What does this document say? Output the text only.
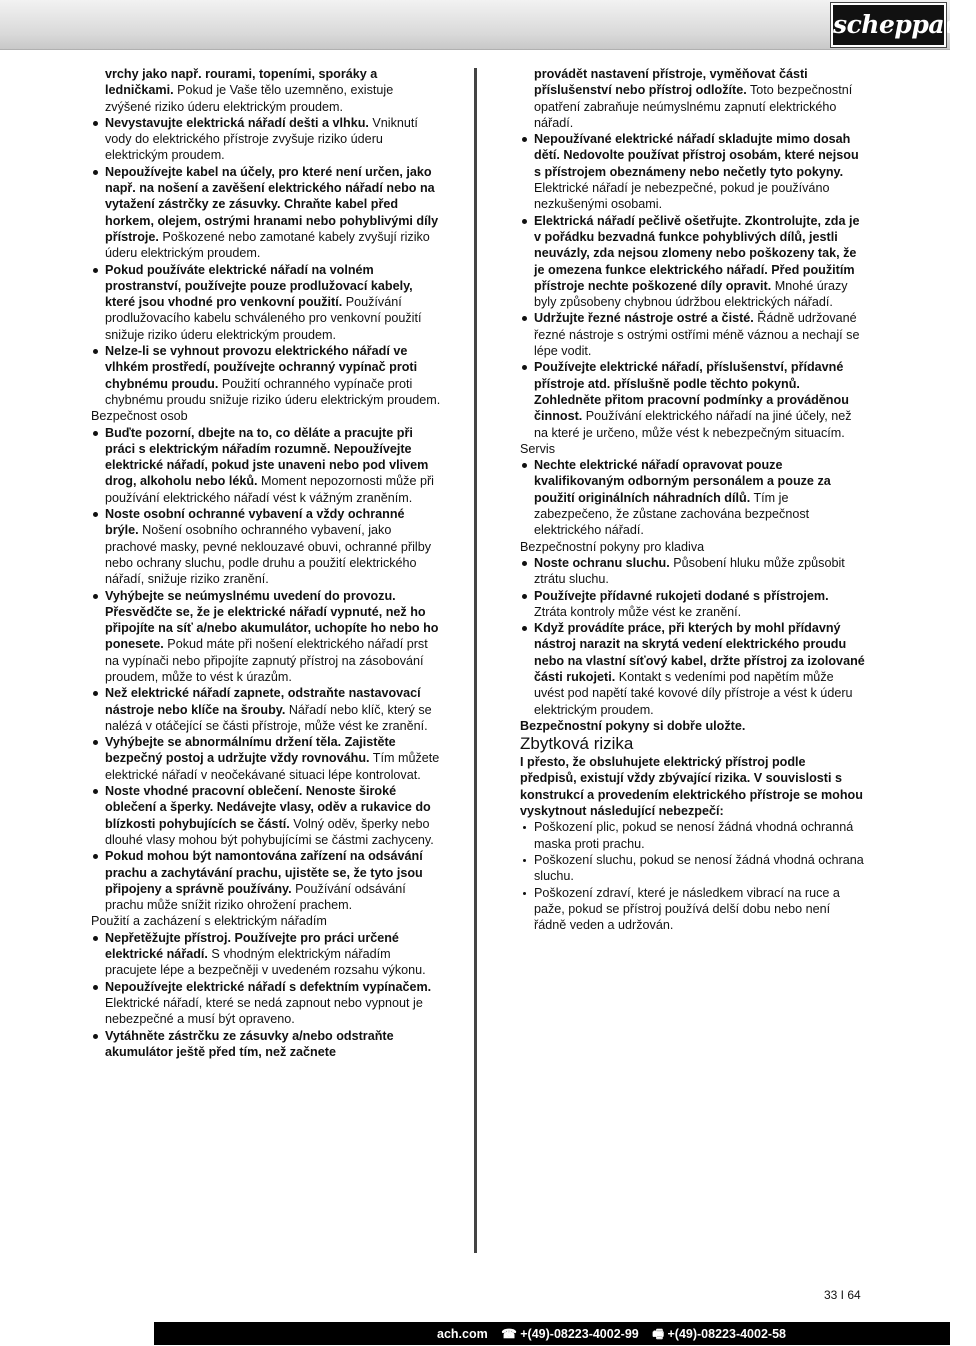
scheppach

vrchy jako např. rourami, topeními, sporáky a ledničkami. Pokud je Vaše tělo uzemněno, existuje zvýšené riziko úderu elektrickým proudem.

Nevystavujte elektrická nářadí dešti a vlhku. Vniknutí vody do elektrického přístroje zvyšuje riziko úderu elektrickým proudem.
Nepoužívejte kabel na účely, pro které není určen, jako např. na nošení a zavěšení elektrického nářadí nebo na vytažení zástrčky ze zásuvky. Chraňte kabel před horkem, olejem, ostrými hranami nebo pohyblivými díly přístroje. Poškozené nebo zamotané kabely zvyšují riziko úderu elektrickým proudem.
Pokud používáte elektrické nářadí na volném prostranství, používejte pouze prodlužovací kabely, které jsou vhodné pro venkovní použití. Používání prodlužovacího kabelu schváleného pro venkovní použití snižuje riziko úderu elektrickým proudem.
Nelze-li se vyhnout provozu elektrického nářadí ve vlhkém prostředí, používejte ochranný vypínač proti chybnému proudu. Použití ochranného vypínače proti chybnému proudu snižuje riziko úderu elektrickým proudem.

Bezpečnost osob

Buďte pozorní, dbejte na to, co děláte a pracujte při práci s elektrickým nářadím rozumně. Nepoužívejte elektrické nářadí, pokud jste unaveni nebo pod vlivem drog, alkoholu nebo léků. Moment nepozornosti může při používání elektrického nářadí vést k vážným zraněním.
Noste osobní ochranné vybavení a vždy ochranné brýle. Nošení osobního ochranného vybavení, jako prachové masky, pevné neklouzavé obuvi, ochranné přilby nebo ochrany sluchu, podle druhu a použití elektrického nářadí, snižuje riziko zranění.
Vyhýbejte se neúmyslnému uvedení do provozu. Přesvědčte se, že je elektrické nářadí vypnuté, než ho připojíte na síť a/nebo akumulátor, uchopíte ho nebo ho ponesete. Pokud máte při nošení elektrického nářadí prst na vypínači nebo připojíte zapnutý přístroj na zásobování proudem, může to vést k úrazům.
Než elektrické nářadí zapnete, odstraňte nastavovací nástroje nebo klíče na šrouby. Nářadí nebo klíč, který se nalézá v otáčející se části přístroje, může vést ke zranění.
Vyhýbejte se abnormálnímu držení těla. Zajistěte bezpečný postoj a udržujte vždy rovnováhu. Tím můžete elektrické nářadí v neočekávané situaci lépe kontrolovat.
Noste vhodné pracovní oblečení. Nenoste široké oblečení a šperky. Nedávejte vlasy, oděv a rukavice do blízkosti pohybujících se částí. Volný oděv, šperky nebo dlouhé vlasy mohou být pohybujícími se částmi zachyceny.
Pokud mohou být namontována zařízení na odsávání prachu a zachytávání prachu, ujistěte se, že tyto jsou připojeny a správně používány. Používání odsávání prachu může snížit riziko ohrožení prachem.

Použití a zacházení s elektrickým nářadím

Nepřetěžujte přístroj. Používejte pro práci určené elektrické nářadí. S vhodným elektrickým nářadím pracujete lépe a bezpečněji v uvedeném rozsahu výkonu.
Nepoužívejte elektrické nářadí s defektním vypínačem. Elektrické nářadí, které se nedá zapnout nebo vypnout je nebezpečné a musí být opraveno.
Vytáhněte zástrčku ze zásuvky a/nebo odstraňte akumulátor ještě před tím, než začnete

provádět nastavení přístroje, vyměňovat části příslušenství nebo přístroj odložíte. Toto bezpečnostní opatření zabraňuje neúmyslnému zapnutí elektrického nářadí.

Nepoužívané elektrické nářadí skladujte mimo dosah dětí. Nedovolte používat přístroj osobám, které nejsou s přístrojem obeznámeny nebo nečetly tyto pokyny. Elektrické nářadí je nebezpečné, pokud je používáno nezkušenými osobami.
Elektrická nářadí pečlivě ošetřujte. Zkontrolujte, zda je v pořádku bezvadná funkce pohyblivých dílů, jestli neuvázly, zda nejsou zlomeny nebo poškozeny tak, že je omezena funkce elektrického nářadí. Před použitím přístroje nechte poškozené díly opravit. Mnohé úrazy byly způsobeny chybnou údržbou elektrických nářadí.
Udržujte řezné nástroje ostré a čisté. Řádně udržované řezné nástroje s ostrými ostřími méně váznou a nechají se lépe vodit.
Používejte elektrické nářadí, příslušenství, přídavné přístroje atd. příslušně podle těchto pokynů. Zohledněte přitom pracovní podmínky a prováděnou činnost. Používání elektrického nářadí na jiné účely, než na které je určeno, může vést k nebezpečným situacím.

Servis

Nechte elektrické nářadí opravovat pouze kvalifikovaným odborným personálem a pouze za použití originálních náhradních dílů. Tím je zabezpečeno, že zůstane zachována bezpečnost elektrického nářadí.

Bezpečnostní pokyny pro kladiva

Noste ochranu sluchu. Působení hluku může způsobit ztrátu sluchu.
Používejte přídavné rukojeti dodané s přístrojem. Ztráta kontroly může vést ke zranění.
Když provádíte práce, při kterých by mohl přídavný nástroj narazit na skrytá vedení elektrického proudu nebo na vlastní síťový kabel, držte přístroj za izolované části rukojeti. Kontakt s vedeními pod napětím může uvést pod napětí také kovové díly přístroje a vést k úderu elektrickým proudem.

Bezpečnostní pokyny si dobře uložte.

Zbytková rizika

I přesto, že obsluhujete elektrický přístroj podle předpisů, existují vždy zbývající rizika. V souvislosti s konstrukcí a provedením elektrického přístroje se mohou vyskytnout následující nebezpečí:

Poškození plic, pokud se nenosí žádná vhodná ochranná maska proti prachu.
Poškození sluchu, pokud se nenosí žádná vhodná ochrana sluchu.
Poškození zdraví, které je následkem vibrací na ruce a paže, pokud se přístroj používá delší dobu nebo není řádně veden a udržován.
33 I 64
ach.com ☎ +(49)-08223-4002-99 🖷 +(49)-08223-4002-58
